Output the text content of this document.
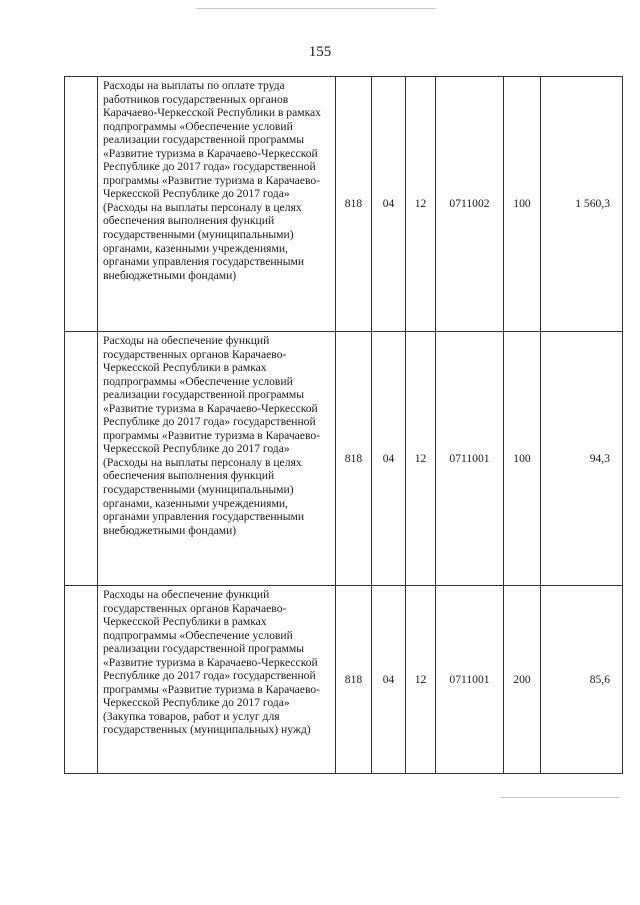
155
	Расходы на выплаты по оплате труда работников государственных органов Карачаево-Черкесской Республики в рамках подпрограммы «Обеспечение условий реализации государственной программы «Развитие туризма в Карачаево-Черкесской Республике до 2017 года» государственной программы «Развитие туризма в Карачаево-Черкесской Республике до 2017 года» (Расходы на выплаты персоналу в целях обеспечения выполнения функций государственными (муниципальными) органами, казенными учреждениями, органами управления государственными внебюджетными фондами)	818	04	12	0711002	100	1 560,3
	Расходы на обеспечение функций государственных органов Карачаево-Черкесской Республики в рамках подпрограммы «Обеспечение условий реализации государственной программы «Развитие туризма в Карачаево-Черкесской Республике до 2017 года» государственной программы «Развитие туризма в Карачаево-Черкесской Республике до 2017 года» (Расходы на выплаты персоналу в целях обеспечения выполнения функций государственными (муниципальными) органами, казенными учреждениями, органами управления государственными внебюджетными фондами)	818	04	12	0711001	100	94,3
	Расходы на обеспечение функций государственных органов Карачаево-Черкесской Республики в рамках подпрограммы «Обеспечение условий реализации государственной программы «Развитие туризма в Карачаево-Черкесской Республике до 2017 года» государственной программы «Развитие туризма в Карачаево-Черкесской Республике до 2017 года» (Закупка товаров, работ и услуг для государственных (муниципальных) нужд)	818	04	12	0711001	200	85,6
